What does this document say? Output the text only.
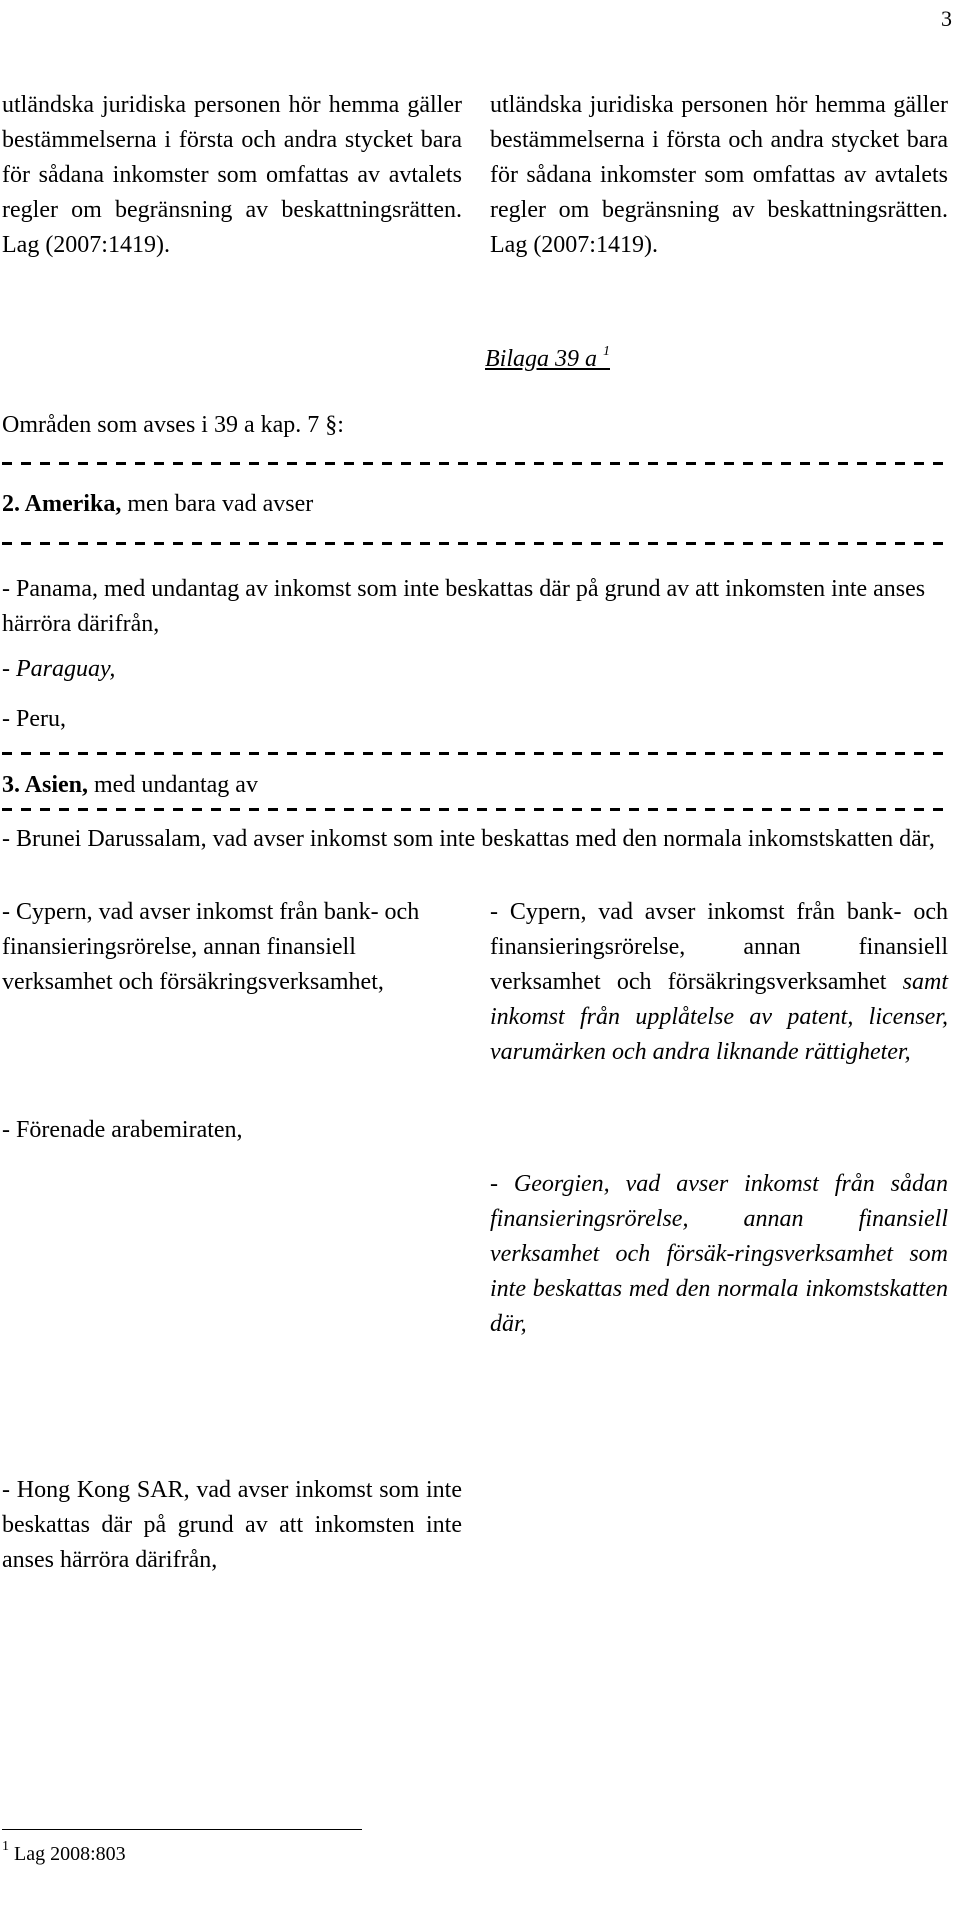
3
utländska juridiska personen hör hemma gäller bestämmelserna i första och andra stycket bara för sådana inkomster som omfattas av avtalets regler om begränsning av beskattningsrätten. Lag (2007:1419).
utländska juridiska personen hör hemma gäller bestämmelserna i första och andra stycket bara för sådana inkomster som omfattas av avtalets regler om begränsning av beskattningsrätten. Lag (2007:1419).
Bilaga 39 a $^1$
Områden som avses i 39 a kap. 7 §:
2. Amerika, men bara vad avser
- Panama, med undantag av inkomst som inte beskattas där på grund av att inkomsten inte anses härröra därifrån,
- Paraguay,
- Peru,
3. Asien, med undantag av
- Brunei Darussalam, vad avser inkomst som inte beskattas med den normala inkomstskatten där,
- Cypern, vad avser inkomst från bank- och finansieringsrörelse, annan finansiell verksamhet och försäkringsverksamhet,
- Cypern, vad avser inkomst från bank- och finansieringsrörelse, annan finansiell verksamhet och försäkringsverksamhet samt inkomst från upplåtelse av patent, licenser, varumärken och andra liknande rättigheter,
- Förenade arabemiraten,
- Georgien, vad avser inkomst från sådan finansieringsrörelse, annan finansiell verksamhet och försäk-ringsverksamhet som inte beskattas med den normala inkomstskatten där,
- Hong Kong SAR, vad avser inkomst som inte beskattas där på grund av att inkomsten inte anses härröra därifrån,
$^1$ Lag 2008:803
